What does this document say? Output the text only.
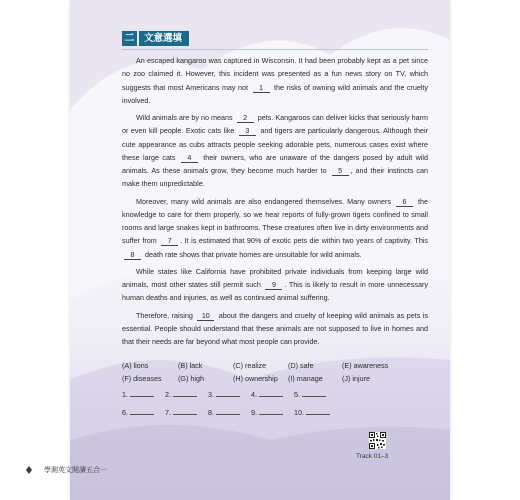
二	文意選填

An escaped kangaroo was captured in Wisconsin. It had been probably kept as a pet since no zoo claimed it. However, this incident was presented as a fun news story on TV, which suggests that most Americans may not 1 the risks of owning wild animals and the cruelty involved.

Wild animals are by no means 2 pets. Kangaroos can deliver kicks that seriously harm or even kill people. Exotic cats like 3 and tigers are particularly dangerous. Although their cute appearance as cubs attracts people seeking adorable pets, numerous cases exist where these large cats 4 their owners, who are unaware of the dangers posed by adult wild animals. As these animals grow, they become much harder to 5 , and their instincts can make them unpredictable.

Moreover, many wild animals are also endangered themselves. Many owners 6 the knowledge to care for them properly, so we hear reports of fully-grown tigers confined to small rooms and large snakes kept in bathrooms. These creatures often live in dirty environments and suffer from 7 . It is estimated that 90% of exotic pets die within two years of captivity. This 8 death rate shows that private homes are unsuitable for wild animals.

While states like California have prohibited private individuals from keeping large wild animals, most other states still permit such 9 . This is likely to result in more unnecessary human deaths and injuries, as well as continued animal suffering.

Therefore, raising 10 about the dangers and cruelty of keeping wild animals as pets is essential. People should understand that these animals are not supposed to live in homes and that their needs are far beyond what most people can provide.

(A) lions	(B) lack	(C) realize	(D) safe	(E) awareness
(F) diseases (G) high	(H) ownership (I) manage	(J) injure
1.	2.	3.	4.	5.
6.	7.	8.	9.	10.
Track 01–3
學測英文閱讀五合一
